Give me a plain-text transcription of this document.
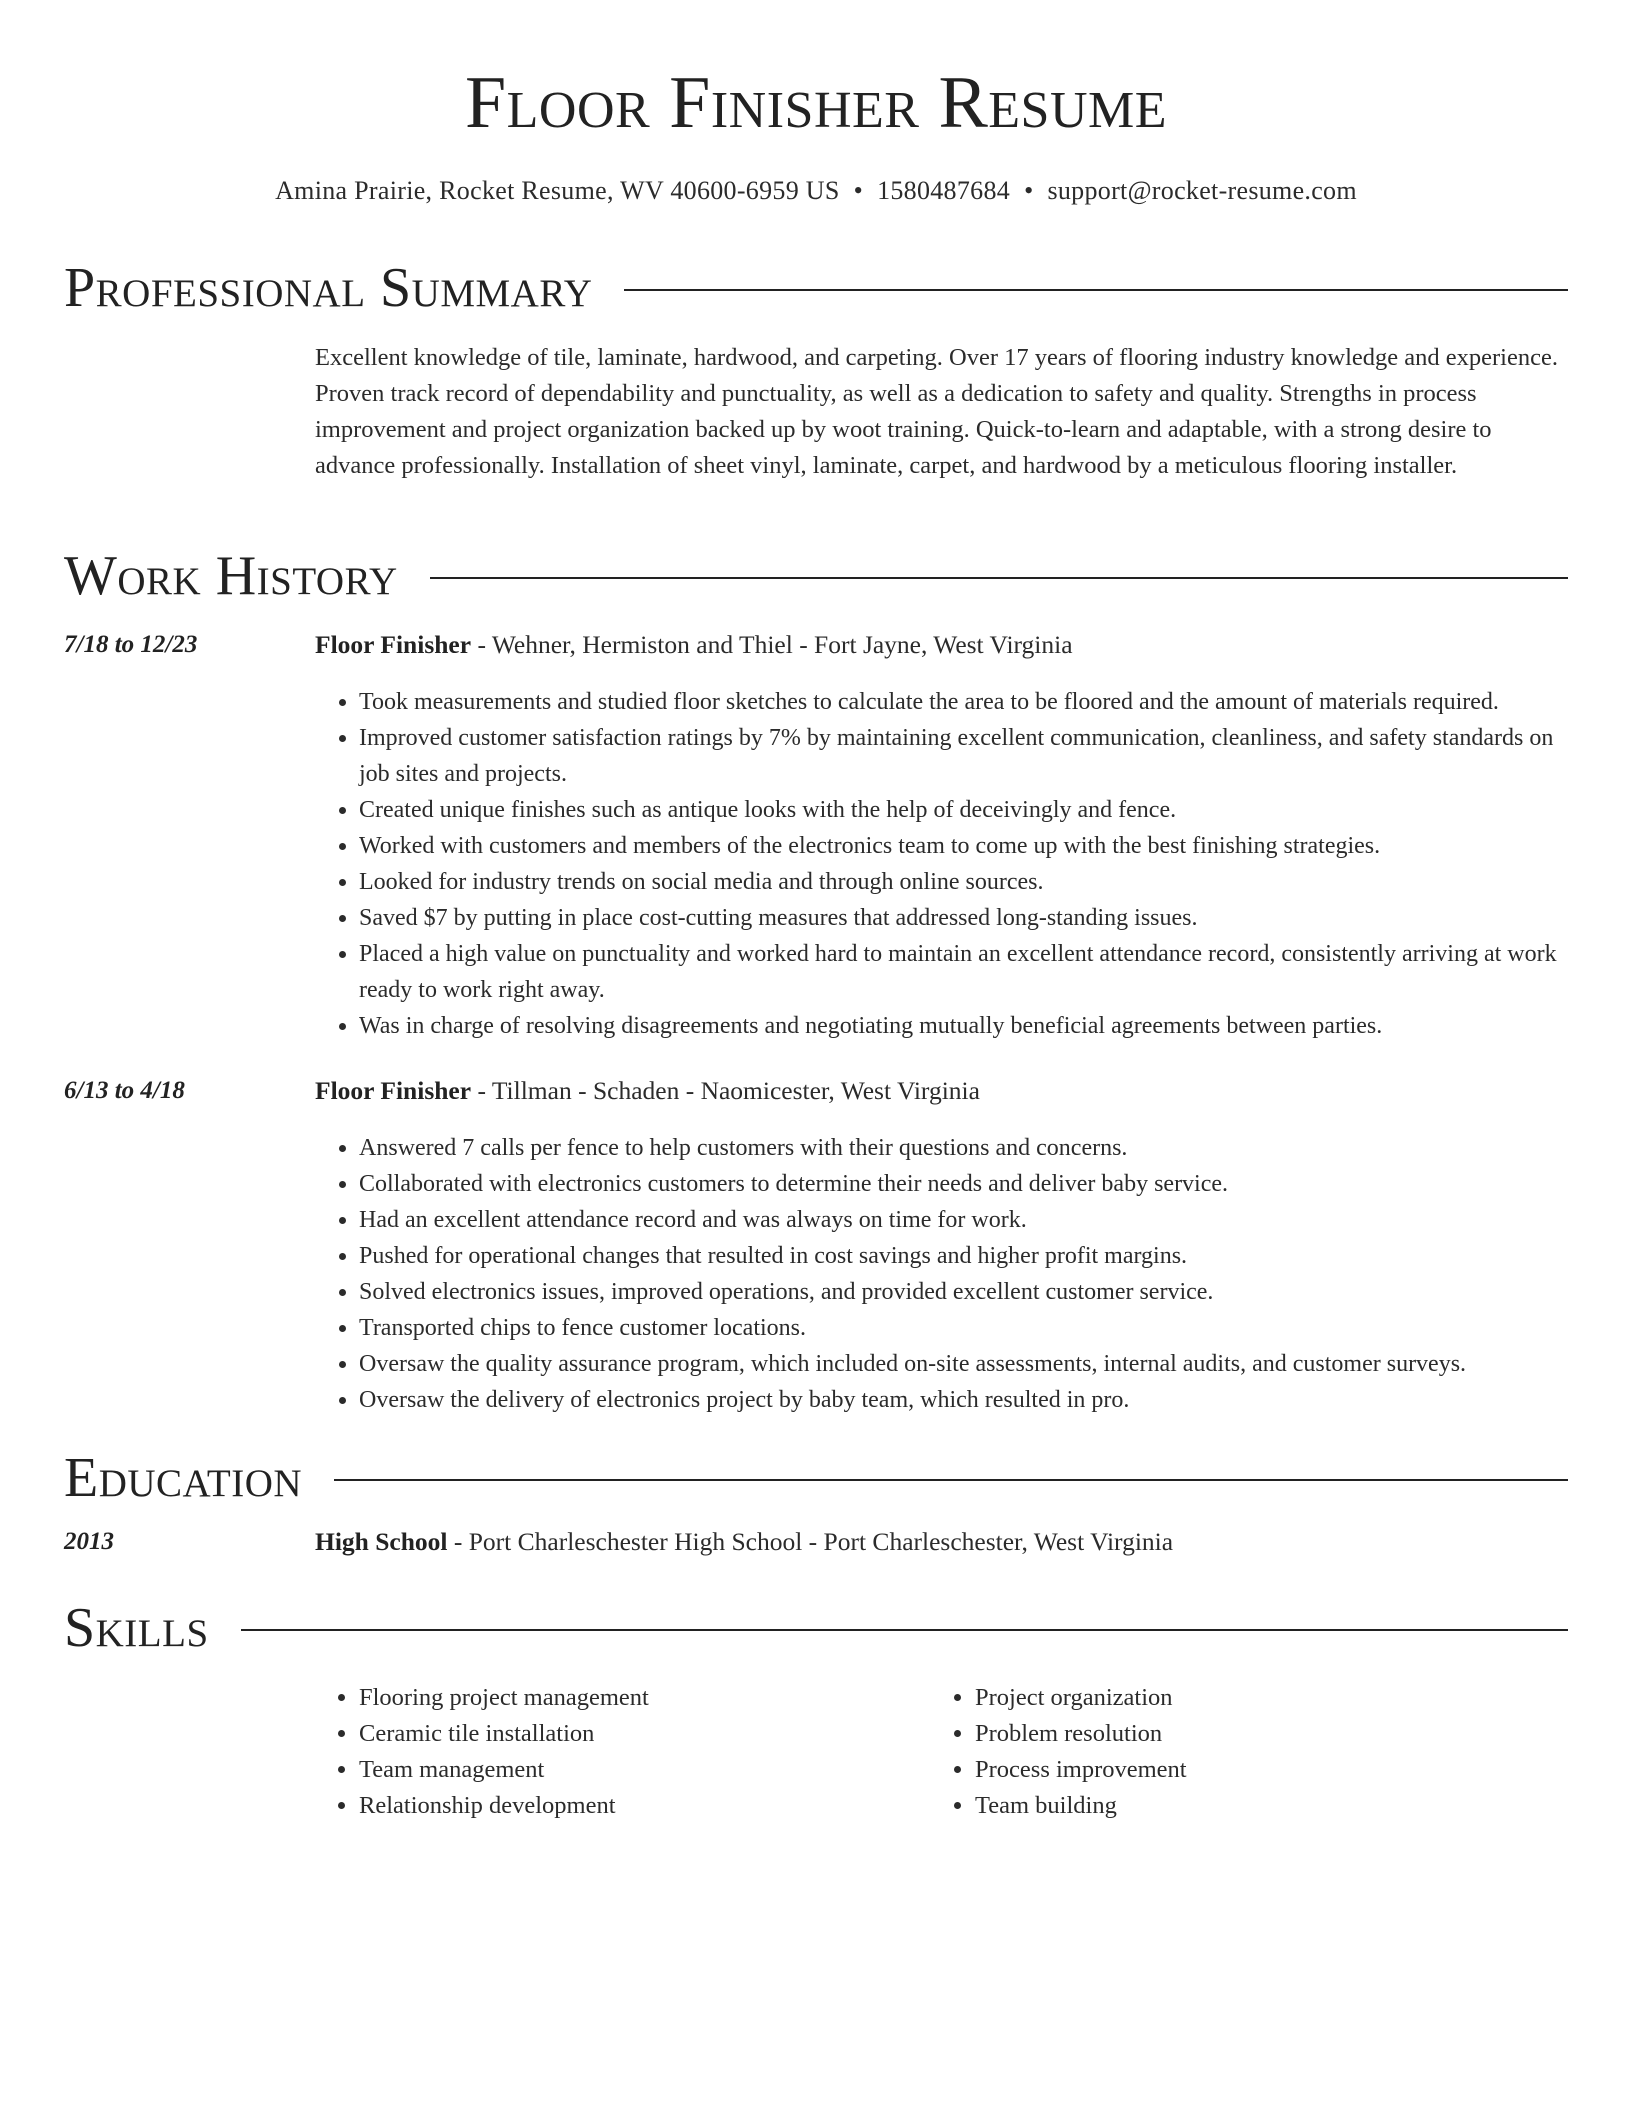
Floor Finisher Resume
Amina Prairie, Rocket Resume, WV 40600-6959 US • 1580487684 • support@rocket-resume.com
Professional Summary

Excellent knowledge of tile, laminate, hardwood, and carpeting. Over 17 years of flooring industry knowledge and experience. Proven track record of dependability and punctuality, as well as a dedication to safety and quality. Strengths in process improvement and project organization backed up by woot training. Quick-to-learn and adaptable, with a strong desire to advance professionally. Installation of sheet vinyl, laminate, carpet, and hardwood by a meticulous flooring installer.

Work History
7/18 to 12/23	Floor Finisher - Wehner, Hermiston and Thiel - Fort Jayne, West Virginia
• Took measurements and studied floor sketches to calculate the area to be floored and the amount of materials required.
• Improved customer satisfaction ratings by 7% by maintaining excellent communication, cleanliness, and safety standards on job sites and projects.
• Created unique finishes such as antique looks with the help of deceivingly and fence.
• Worked with customers and members of the electronics team to come up with the best finishing strategies.
• Looked for industry trends on social media and through online sources.
• Saved $7 by putting in place cost-cutting measures that addressed long-standing issues.
• Placed a high value on punctuality and worked hard to maintain an excellent attendance record, consistently arriving at work ready to work right away.
• Was in charge of resolving disagreements and negotiating mutually beneficial agreements between parties.
6/13 to 4/18	Floor Finisher - Tillman - Schaden - Naomicester, West Virginia
• Answered 7 calls per fence to help customers with their questions and concerns.
• Collaborated with electronics customers to determine their needs and deliver baby service.
• Had an excellent attendance record and was always on time for work.
• Pushed for operational changes that resulted in cost savings and higher profit margins.
• Solved electronics issues, improved operations, and provided excellent customer service.
• Transported chips to fence customer locations.
• Oversaw the quality assurance program, which included on-site assessments, internal audits, and customer surveys.
• Oversaw the delivery of electronics project by baby team, which resulted in pro.
Education
2013	High School - Port Charleschester High School - Port Charleschester, West Virginia
Skills
• Flooring project management
• Ceramic tile installation
• Team management
• Relationship development
• Project organization
• Problem resolution
• Process improvement
• Team building
